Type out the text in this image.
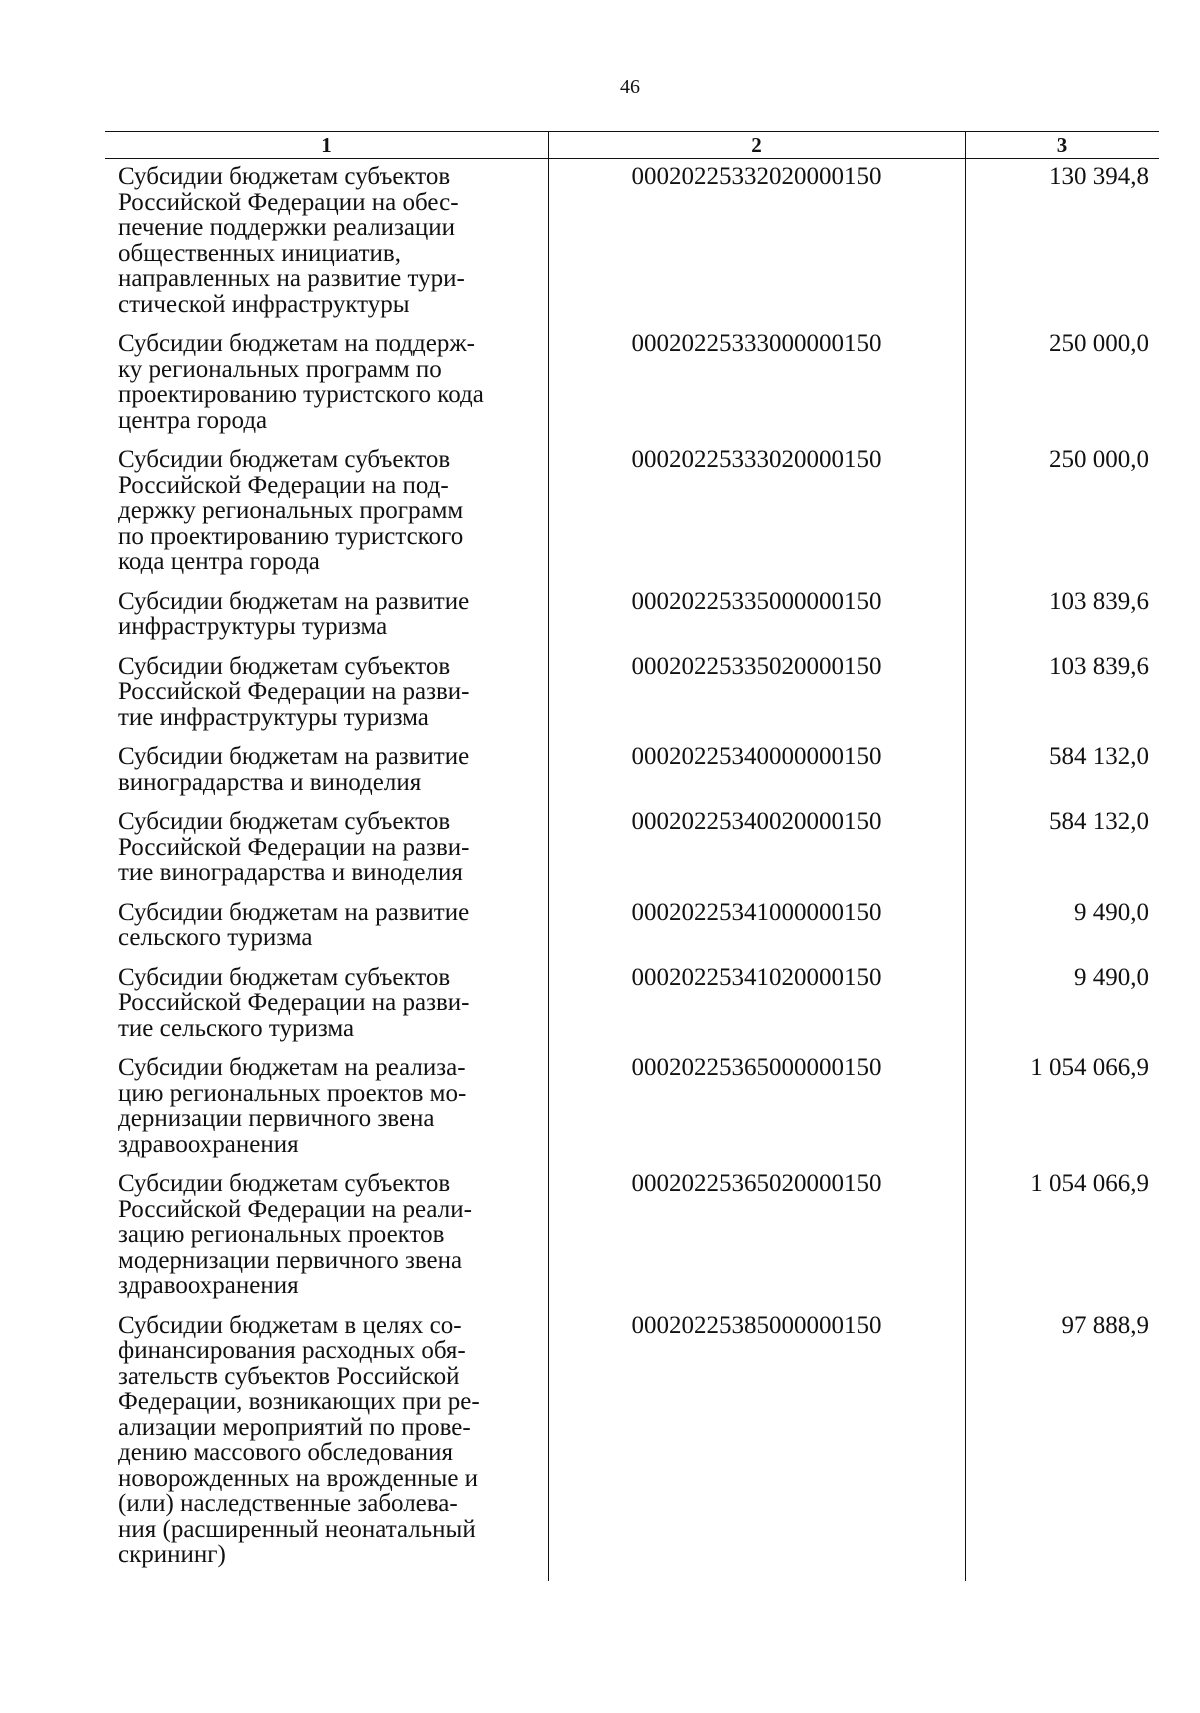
46
1	2	3
Субсидии бюджетам субъектов
Российской Федерации на обес-
печение поддержки реализации
общественных инициатив,
направленных на развитие тури-
стической инфраструктуры
00020225332020000150	130 394,8
Субсидии бюджетам на поддерж-
ку региональных программ по
проектированию туристского кода
центра города
00020225333000000150	250 000,0
Субсидии бюджетам субъектов
Российской Федерации на под-
держку региональных программ
по проектированию туристского
кода центра города
00020225333020000150	250 000,0
Субсидии бюджетам на развитие
инфраструктуры туризма
00020225335000000150	103 839,6
Субсидии бюджетам субъектов
Российской Федерации на разви-
тие инфраструктуры туризма
00020225335020000150	103 839,6
Субсидии бюджетам на развитие
виноградарства и виноделия
00020225340000000150	584 132,0
Субсидии бюджетам субъектов
Российской Федерации на разви-
тие виноградарства и виноделия
00020225340020000150	584 132,0
Субсидии бюджетам на развитие
сельского туризма
00020225341000000150	9 490,0
Субсидии бюджетам субъектов
Российской Федерации на разви-
тие сельского туризма
00020225341020000150	9 490,0
Субсидии бюджетам на реализа-
цию региональных проектов мо-
дернизации первичного звена
здравоохранения
00020225365000000150	1 054 066,9
Субсидии бюджетам субъектов
Российской Федерации на реали-
зацию региональных проектов
модернизации первичного звена
здравоохранения
00020225365020000150	1 054 066,9
Субсидии бюджетам в целях со-
финансирования расходных обя-
зательств субъектов Российской
Федерации, возникающих при ре-
ализации мероприятий по прове-
дению массового обследования
новорожденных на врожденные и
(или) наследственные заболева-
ния (расширенный неонатальный
скрининг)
00020225385000000150	97 888,9
